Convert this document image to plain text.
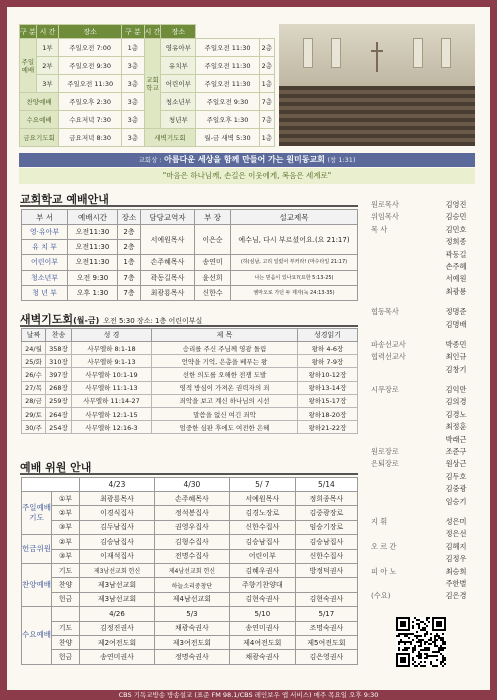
구 분	시 간	장소	구 분	시 간	장소		
주일예배	1부	주일오전 7:00	1층	교회학교	영유아부	주일오전 11:30	2층
	2부	주일오전 9:30	3층		유치부	주일오전 11:30	2층
	3부	주일오전 11:30	3층		어린이부	주일오전 11:30	1층
찬양예배		주일오후 2:30	3층		청소년부	주일오전 9:30	7층
수요예배		수요저녁 7:30	3층		청년부	주일오후 1:30	7층
금요기도회		금요저녁 8:30	3층	새벽기도회		월-금 새벽 5:30	1층
교회상 : 아름다운 세상을 함께 만들어 가는 원미동교회 (창 1:31)
"마음은 하나님께, 손길은 이웃에게, 복음은 세계로"
교회학교 예배안내
부 서	예배시간	장소	담당교역자	부 장	설교제목
영·유아부	오전11:30	2층	서예원목사	이은순	예수님, 다시 부르셨어요.(요 21:17)
유 치 부	오전11:30	2층			
어린이부	오전11:30	1층	손주혜목사	송연미	(하)심남, 고리 일렀어 부커라! (마수타일 21:17)
청소년부	오전 9:30	7층	곽동길목사	윤선희	나는 믿음이 있나요?(요한 5:13-25)
청 년 부	오후 1:30	7층	최광룡목사	신한수	엠마오로 가던 두 제자(눅 24:13-35)
새벽기도회(월-금) 오전 5:30 장소: 1층 어린이부실
날짜	찬송	성 경	제 목	성경읽기
24/월	358장	사무엘하 8:1-18	승리를 주신 주님께 영광 돌림	왕하 4-6장
25/화	310장	사무엘하 9:1-13	언약을 기억, 은총을 베푸는 왕	왕하 7-9장
26/수	397장	사무엘하 10:1-19	선한 의도를 오해한 전쟁 도발	왕하10-12장
27/목	268장	사무엘하 11:1-13	영적 방심이 가져온 권력자의 죄	왕하13-14장
28/금	259장	사무엘하 11:14-27	죄악을 보고 계신 하나님의 시선	왕하15-17장
29/토	264장	사무엘하 12:1-15	말씀을 없신 여긴 죄악	왕하18-20장
30/주	254장	사무엘하 12:16-3	엄중한 심판 후에도 여전한 은혜	왕하21-22장
예배 위원 안내
		4/23	4/30	5/ 7	5/14
주일예배기도	①부	최광룡목사	손주혜목사	서예원목사	정희종목사
	②부	이경식집사	정석봉집사	김경노장로	김중광장로
	③부	김두남집사	권영우집사	신한수집사	임승기장로
헌금위원	②부	김승남집사	김형수집사	김승남집사	김승남집사
	③부	이재석집사	전명수집사	어린이부	신한수집사
찬양예배	기도	제3남선교회 헌신	제4남선교회 헌신	김혜우권사	방정덕권사
	찬양	제3남선교회	하늘소리중창단	주향기찬양대	
	헌금	제3남선교회	제4남선교회	김현숙권사	김현숙권사
수요예배		4/26	5/3	5/10	5/17
	기도	김정진권사	채광숙권사	송연미권사	조명숙권사
	찬양	제2여전도회	제3여전도회	제4여전도회	제5여전도회
	헌금	송연미권사	정명숙권사	채광숙권사	김은영권사
원로목사	김영진
위임목사	김승민
목 사	김민호
정희종
곽동길
손주혜
서예원
최광룡
협동목사	정명준
김명배
파송선교사	박종민
협력선교사	최인규
김창기
시무장로	김익만
김의경
김경노
최정훈
박래근
원로장로	조준구
은퇴장로	원상근
김두호
김중광
임승기
지 휘	성은미
정은선
오 르 간	김혜지
김정우
피 아 노	최승희
주한별
(수요)	김은경
CBS 기독교방송 방송설교 (표준 FM 98.1/CBS 레인보우 앱 서비스) 매주 목요일 오후 9:30
